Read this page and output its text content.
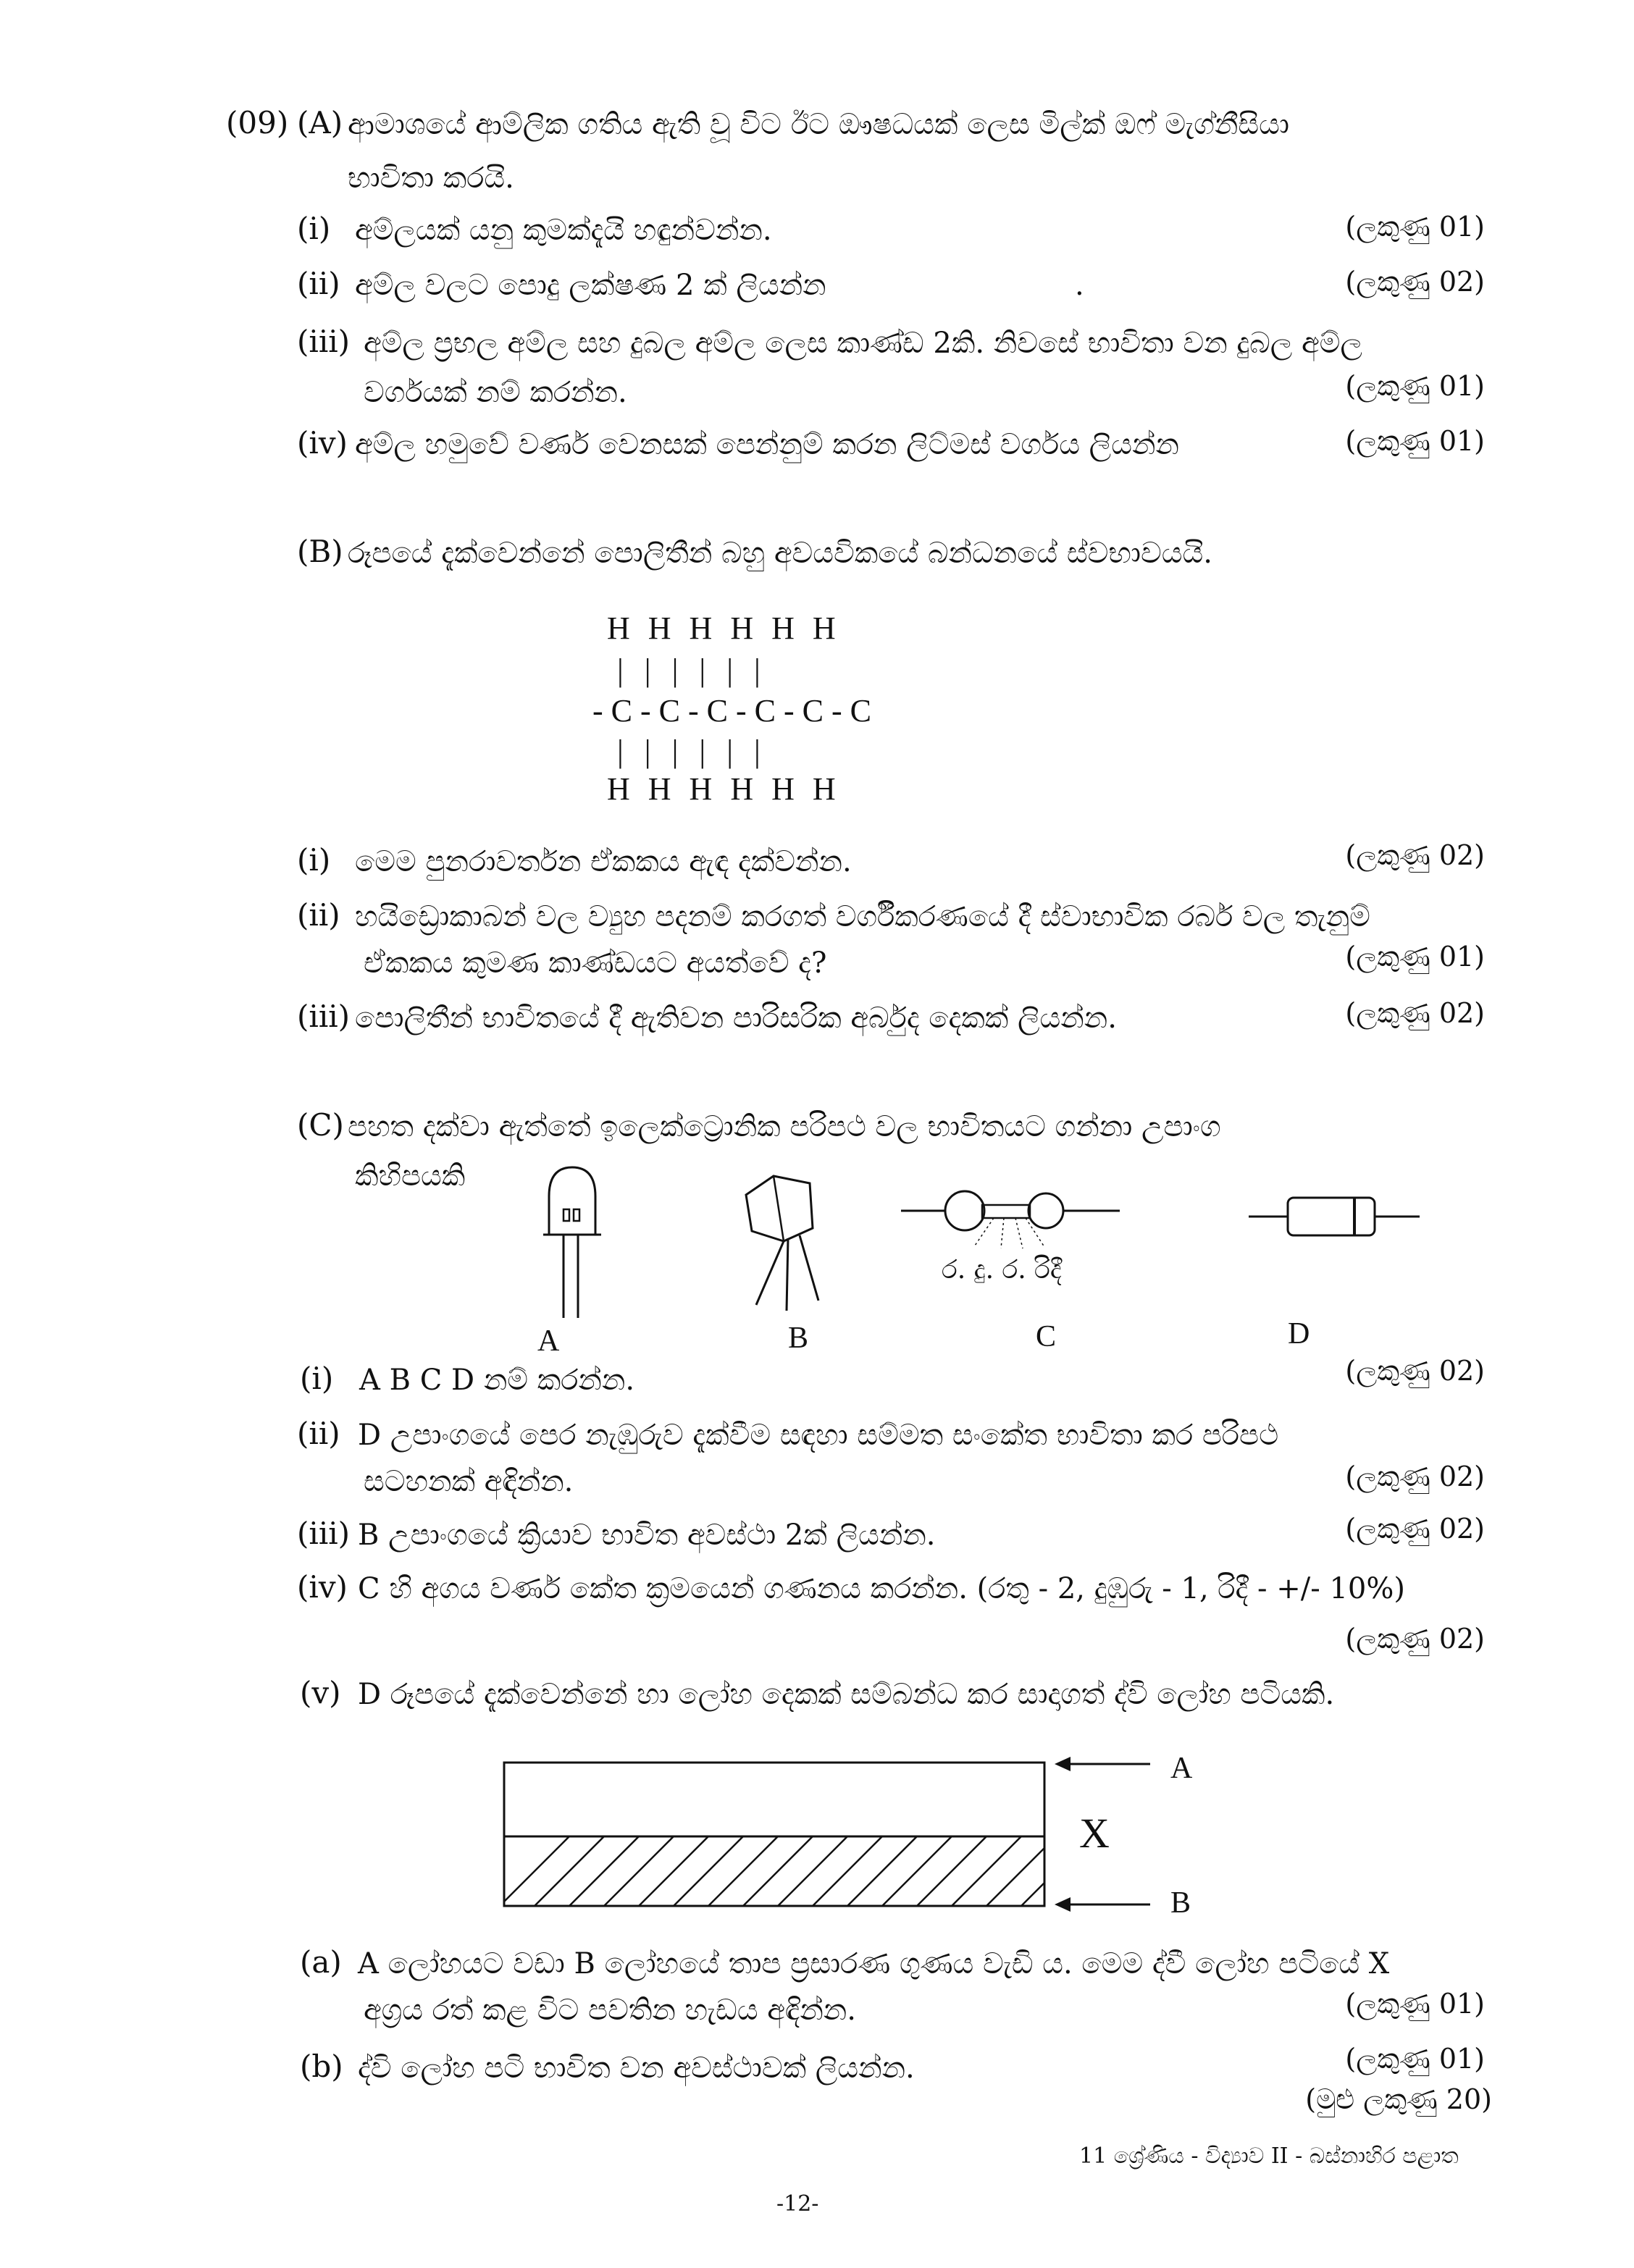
(09) (A) ආමාශයේ ආම්ලික ගතිය ඇති වූ විට ඊට ඖෂධයක් ලෙස මිල්ක් ඔෆ් මැග්නීසියා
භාවිතා කරයි.
(i) අම්ලයක් යනු කුමක්දැයි හඳුන්වන්න.	(ලකුණු 01)
(ii) අම්ල වලට පොදු ලක්ෂණ 2 ක් ලියන්න	.	(ලකුණු 02)
(iii) අම්ල ප්‍රභල අම්ල සහ දුබල අම්ල ලෙස කාණ්ඩ 2කි. නිවසේ භාවිතා වන දුබල අම්ල
වර්ගයක් නම් කරන්න.	(ලකුණු 01)
(iv) අම්ල හමුවේ වර්ණ වෙනසක් පෙන්නුම් කරන ලිට්මස් වර්ගය ලියන්න	(ලකුණු 01)
(B) රූපයේ දැක්වෙන්නේ පොලිතීන් බහු අවයවිකයේ බන්ධනයේ ස්වභාවයයි.
H H H H H H
| | | | | |
- C - C - C - C - C - C
| | | | | |
H H H H H H
(i) මෙම පුනරාවර්තන ඒකකය ඇඳ දක්වන්න.	(ලකුණු 02)
(ii) හයිඩ්‍රොකාබන් වල ව්‍යුහ පදනම් කරගත් වර්ගීකරණයේ දී ස්වාභාවික රබර් වල තැනුම්
ඒකකය කුමණ කාණ්ඩයට අයත්වේ ද?	(ලකුණු 01)
(iii) පොලිතීන් භාවිතයේ දී ඇතිවන පාරිසරික අර්බුද දෙකක් ලියන්න.	(ලකුණු 02)
(C) පහත දක්වා ඇත්තේ ඉලෙක්ට්‍රොනික පරිපථ වල භාවිතයට ගන්නා උපාංග
කිහිපයකි
ර. දු. ර. රිදී
A	B	C	D
(i) A B C D නම් කරන්න.	(ලකුණු 02)
(ii) D උපාංගයේ පෙර නැඹුරුව දැක්වීම සඳහා සම්මත සංකේත භාවිතා කර පරිපථ
සටහනක් අඳින්න.	(ලකුණු 02)
(iii) B උපාංගයේ ක්‍රියාව භාවිත අවස්ථා 2ක් ලියන්න.	(ලකුණු 02)
(iv) C හි අගය වර්ණ කේත ක්‍රමයෙන් ගණනය කරන්න. (රතු - 2, දුඹුරු - 1, රිදී - +/- 10%)
(ලකුණු 02)
(v) D රූපයේ දැක්වෙන්නේ හා ලෝහ දෙකක් සම්බන්ධ කර සාදාගත් ද්වි ලෝහ පටියකි.
A
X
B
(a) A ලෝහයට වඩා B ලෝහයේ තාප ප්‍රසාරණ ගුණය වැඩි ය. මෙම ද්වී ලෝහ පටියේ X
අග්‍රය රත් කළ විට පවතින හැඩය අඳින්න.	(ලකුණු 01)
(b) ද්වි ලෝහ පටි භාවිත වන අවස්ථාවක් ලියන්න.	(ලකුණු 01)
(මුළු ලකුණු 20)
11 ශ්‍රේණිය - විද්‍යාව II - බස්නාහිර පළාත
-12-
